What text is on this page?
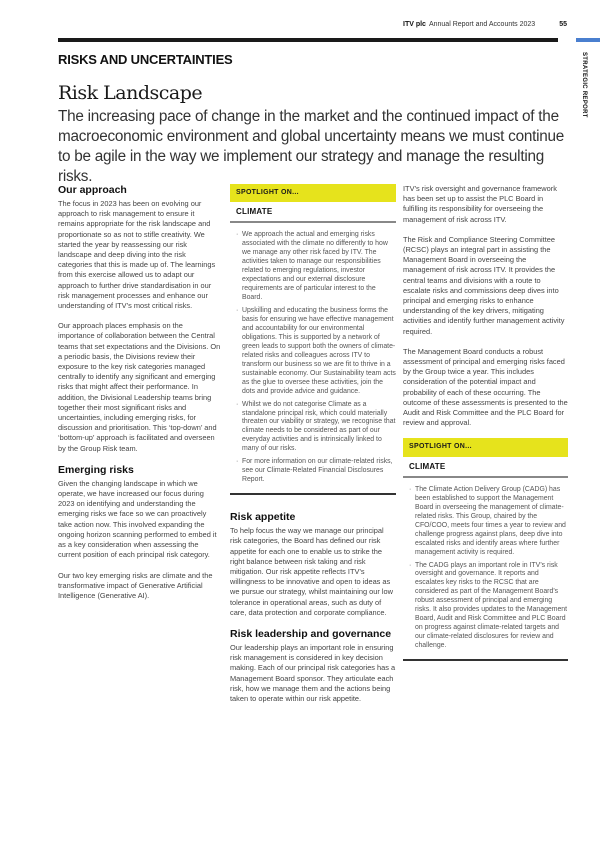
ITV plc Annual Report and Accounts 2023	55
STRATEGIC REPORT
RISKS AND UNCERTAINTIES
Risk Landscape
The increasing pace of change in the market and the continued impact of the macroeconomic environment and global uncertainty means we must continue to be agile in the way we implement our strategy and manage the resulting risks.
Our approach

The focus in 2023 has been on evolving our approach to risk management to ensure it remains appropriate for the risk landscape and proportionate so as not to stifle creativity. We started the year by reassessing our risk landscape and deep diving into the risk categories that this is made up of. The learnings from this exercise allowed us to adapt our approach to further drive standardisation in our risk management processes and enhance our understanding of ITV’s most critical risks.

Our approach places emphasis on the importance of collaboration between the Central teams that set expectations and the Divisions. On a periodic basis, the Divisions review their exposure to the key risk categories managed centrally to identify any significant and emerging risks that might affect their performance. In addition, the Divisional Leadership teams bring together their most significant risks and uncertainties, including emerging risks, for discussion and prioritisation. This ‘top-down’ and ‘bottom-up’ approach is facilitated and overseen by the Group Risk team.

Emerging risks

Given the changing landscape in which we operate, we have increased our focus during 2023 on identifying and understanding the emerging risks we face so we can proactively take action now. This involved expanding the ongoing horizon scanning performed to embed it as a key consideration when assessing the current position of each principal risk category.

Our two key emerging risks are climate and the transformative impact of Generative Artificial Intelligence (Generative AI).

SPOTLIGHT ON...
CLIMATE
· We approach the actual and emerging risks associated with the climate no differently to how we manage any other risk faced by ITV. The activities taken to manage our responsibilities related to emerging regulations, investor expectations and our external disclosure requirements are of particular interest to the Board.
· Upskilling and educating the business forms the basis for ensuring we have effective management and accountability for our environmental obligations. This is supported by a network of green leads to support both the owners of climate-related risks and colleagues across ITV to transform our business so we are fit to thrive in a sustainable economy. Our Sustainability team acts as the glue to oversee these activities, join the dots and provide advice and guidance.
· Whilst we do not categorise Climate as a standalone principal risk, which could materially threaten our viability or strategy, we recognise that climate needs to be considered as part of our everyday activities and is intrinsically linked to many of our risks.
· For more information on our climate-related risks, see our Climate-Related Financial Disclosures Report.
Risk appetite

To help focus the way we manage our principal risk categories, the Board has defined our risk appetite for each one to enable us to strike the right balance between risk taking and risk mitigation. Our risk appetite reflects ITV’s willingness to be innovative and open to ideas as we pursue our strategy, whilst maintaining our low tolerance in operational areas, such as duty of care, data protection and corporate compliance.

Risk leadership and governance

Our leadership plays an important role in ensuring risk management is considered in key decision making. Each of our principal risk categories has a Management Board sponsor. They articulate each risk, how we manage them and the actions being taken to operate within our risk appetite.

ITV’s risk oversight and governance framework has been set up to assist the PLC Board in fulfilling its responsibility for overseeing the management of risk across ITV.

The Risk and Compliance Steering Committee (RCSC) plays an integral part in assisting the Management Board in overseeing the management of risk across ITV. It provides the central teams and divisions with a route to escalate risks and commissions deep dives into principal and emerging risks to enhance understanding of the key drivers, mitigating activities and identify further management activity required.

The Management Board conducts a robust assessment of principal and emerging risks faced by the Group twice a year. This includes consideration of the potential impact and probability of each of these occurring. The outcome of these assessments is presented to the Audit and Risk Committee and the PLC Board for review and approval.

SPOTLIGHT ON...
CLIMATE
· The Climate Action Delivery Group (CADG) has been established to support the Management Board in overseeing the management of climate-related risks. This Group, chaired by the CFO/COO, meets four times a year to review and challenge progress against plans, deep dive into escalated risks and identify areas where further management activity is required.
· The CADG plays an important role in ITV’s risk oversight and governance. It reports and escalates key risks to the RCSC that are considered as part of the Management Board’s robust assessment of principal and emerging risks. It also provides updates to the Management Board, Audit and Risk Committee and PLC Board on progress against climate-related targets and our climate-related disclosures for review and challenge.
